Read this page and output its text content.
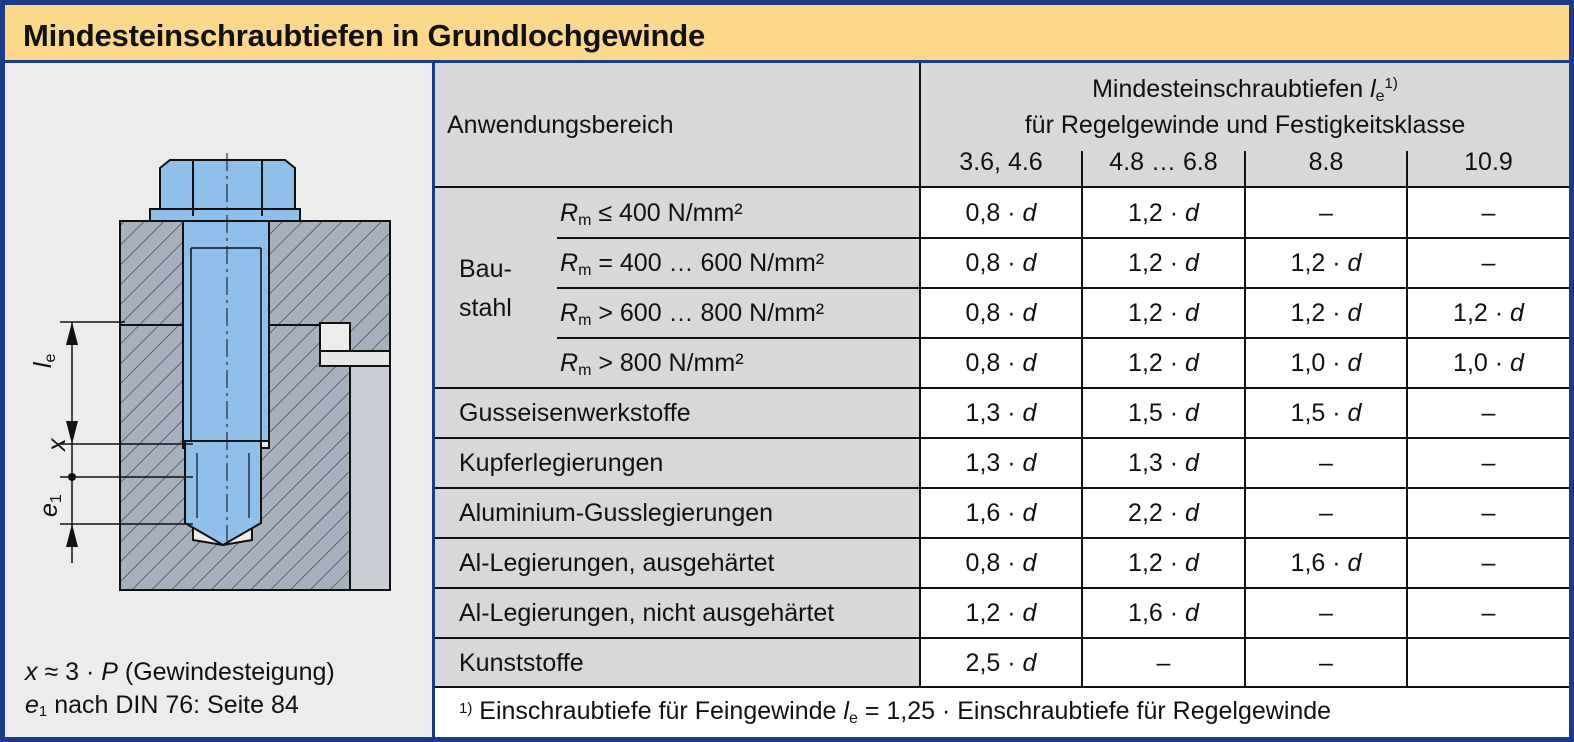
Mindesteinschraubtiefen in Grundlochgewinde
$l_e$
x
$e_1$
x ≈ 3 · P (Gewindesteigung)
$e_1$ nach DIN 76: Seite 84
Anwendungsbereich
Mindesteinschraubtiefen $l_e^{1)}$
für Regelgewinde und Festigkeitsklasse
3.6, 4.6	4.8 … 6.8	8.8	10.9
Bau-
stahl
$R_m \le 400$ N/mm²	0,8 · d	1,2 · d	–	–
$R_m = 400$ … 600 N/mm²	0,8 · d	1,2 · d	1,2 · d	–
$R_m > 600$ … 800 N/mm²	0,8 · d	1,2 · d	1,2 · d	1,2 · d
$R_m > 800$ N/mm²	0,8 · d	1,2 · d	1,0 · d	1,0 · d
Gusseisenwerkstoffe	1,3 · d	1,5 · d	1,5 · d	–
Kupferlegierungen	1,3 · d	1,3 · d	–	–
Aluminium-Gusslegierungen	1,6 · d	2,2 · d	–	–
Al-Legierungen, ausgehärtet	0,8 · d	1,2 · d	1,6 · d	–
Al-Legierungen, nicht ausgehärtet	1,2 · d	1,6 · d	–	–
Kunststoffe	2,5 · d	–	–
$^{1)}$ Einschraubtiefe für Feingewinde $l_e = 1,25$ · Einschraubtiefe für Regelgewinde
